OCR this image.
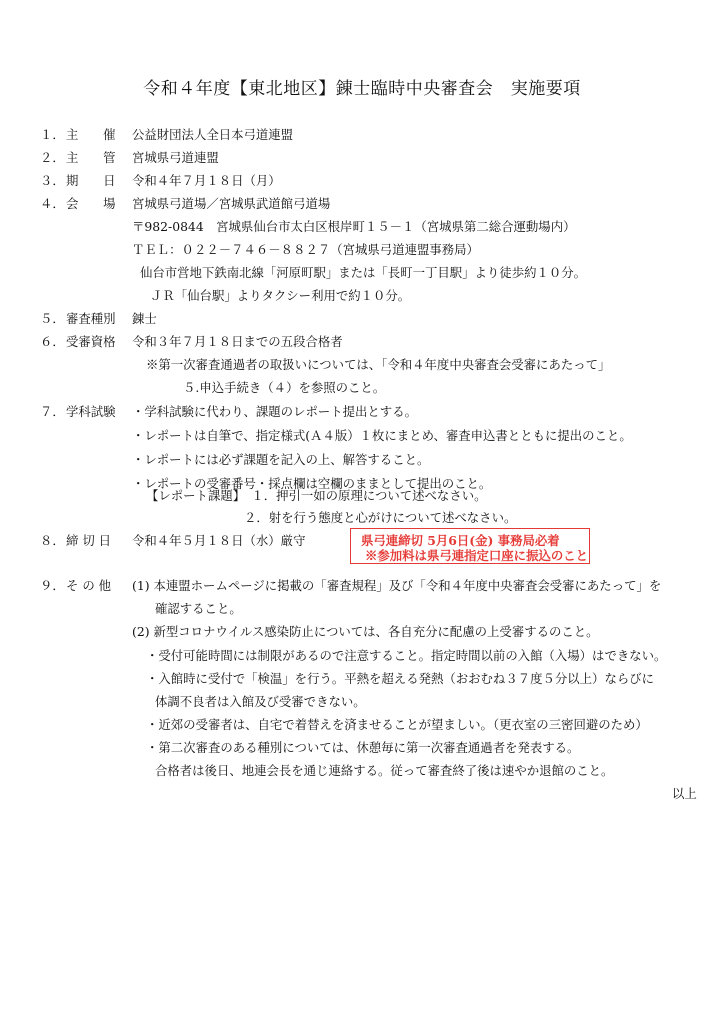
令和４年度【東北地区】錬士臨時中央審査会　実施要項
１． 主　　催 公益財団法人全日本弓道連盟
２． 主　　管 宮城県弓道連盟
３． 期　　日 令和４年７月１８日（月）
４． 会　　場 宮城県弓道場／宮城県武道館弓道場
〒982-0844　宮城県仙台市太白区根岸町１５－１（宮城県第二総合運動場内）
ＴＥＬ：０２２－７４６－８８２７（宮城県弓道連盟事務局）
仙台市営地下鉄南北線「河原町駅」または「長町一丁目駅」より徒歩約１０分。
ＪＲ「仙台駅」よりタクシー利用で約１０分。
５． 審査種別 錬士
６． 受審資格 令和３年７月１８日までの五段合格者
※第一次審査通過者の取扱いについては、「令和４年度中央審査会受審にあたって」
５.申込手続き（４）を参照のこと。
７． 学科試験 ・学科試験に代わり、課題のレポート提出とする。
・レポートは自筆で、指定様式(Ａ４版）１枚にまとめ、審査申込書とともに提出のこと。
・レポートには必ず課題を記入の上、解答すること。
・レポートの受審番号・採点欄は空欄のままとして提出のこと。
【レポート課題】　１．押引一如の原理について述べなさい。
２．射を行う態度と心がけについて述べなさい。
８． 締 切 日 令和４年５月１８日（水）厳守	県弓連締切 5月6日(金) 事務局必着
※参加料は県弓連指定口座に振込のこと
９． そ の 他 (1) 本連盟ホームページに掲載の「審査規程」及び「令和４年度中央審査会受審にあたって」を
確認すること。
(2) 新型コロナウイルス感染防止については、各自充分に配慮の上受審するのこと。
・受付可能時間には制限があるので注意すること。指定時間以前の入館（入場）はできない。
・入館時に受付で「検温」を行う。平熱を超える発熱（おおむね３７度５分以上）ならびに
体調不良者は入館及び受審できない。
・近郊の受審者は、自宅で着替えを済ませることが望ましい。（更衣室の三密回避のため）
・第二次審査のある種別については、休憩毎に第一次審査通過者を発表する。
合格者は後日、地連会長を通じ連絡する。従って審査終了後は速やか退館のこと。
以上
